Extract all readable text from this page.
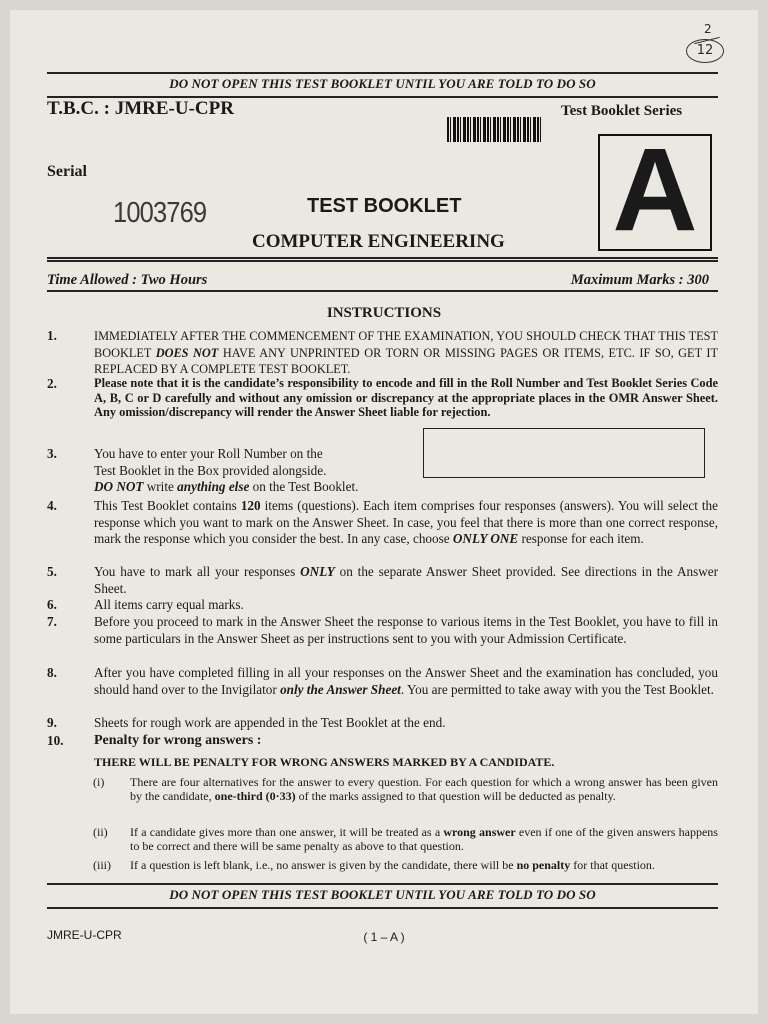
2
12
DO NOT OPEN THIS TEST BOOKLET UNTIL YOU ARE TOLD TO DO SO
T.B.C. : JMRE-U-CPR	Test Booklet Series
Serial
1003769	TEST BOOKLET
COMPUTER ENGINEERING A
Time Allowed : Two Hours	Maximum Marks : 300
INSTRUCTIONS
1.	IMMEDIATELY AFTER THE COMMENCEMENT OF THE EXAMINATION, YOU SHOULD CHECK THAT THIS TEST BOOKLET DOES NOT HAVE ANY UNPRINTED OR TORN OR MISSING PAGES OR ITEMS, ETC. IF SO, GET IT REPLACED BY A COMPLETE TEST BOOKLET.
2.	Please note that it is the candidate’s responsibility to encode and fill in the Roll Number and Test Booklet Series Code A, B, C or D carefully and without any omission or discrepancy at the appropriate places in the OMR Answer Sheet. Any omission/discrepancy will render the Answer Sheet liable for rejection.
3.	You have to enter your Roll Number on the
Test Booklet in the Box provided alongside.
DO NOT write anything else on the Test Booklet.
4.	This Test Booklet contains 120 items (questions). Each item comprises four responses (answers). You will select the response which you want to mark on the Answer Sheet. In case, you feel that there is more than one correct response, mark the response which you consider the best. In any case, choose ONLY ONE response for each item.
5.	You have to mark all your responses ONLY on the separate Answer Sheet provided. See directions in the Answer Sheet.
6.	All items carry equal marks.
7.	Before you proceed to mark in the Answer Sheet the response to various items in the Test Booklet, you have to fill in some particulars in the Answer Sheet as per instructions sent to you with your Admission Certificate.
8.	After you have completed filling in all your responses on the Answer Sheet and the examination has concluded, you should hand over to the Invigilator only the Answer Sheet. You are permitted to take away with you the Test Booklet.
9.	Sheets for rough work are appended in the Test Booklet at the end.
10. Penalty for wrong answers :
THERE WILL BE PENALTY FOR WRONG ANSWERS MARKED BY A CANDIDATE.
(i) There are four alternatives for the answer to every question. For each question for which a wrong answer has been given by the candidate, one-third (0·33) of the marks assigned to that question will be deducted as penalty.
(ii) If a candidate gives more than one answer, it will be treated as a wrong answer even if one of the given answers happens to be correct and there will be same penalty as above to that question.
(iii) If a question is left blank, i.e., no answer is given by the candidate, there will be no penalty for that question.
DO NOT OPEN THIS TEST BOOKLET UNTIL YOU ARE TOLD TO DO SO
JMRE-U-CPR	( 1 – A )
